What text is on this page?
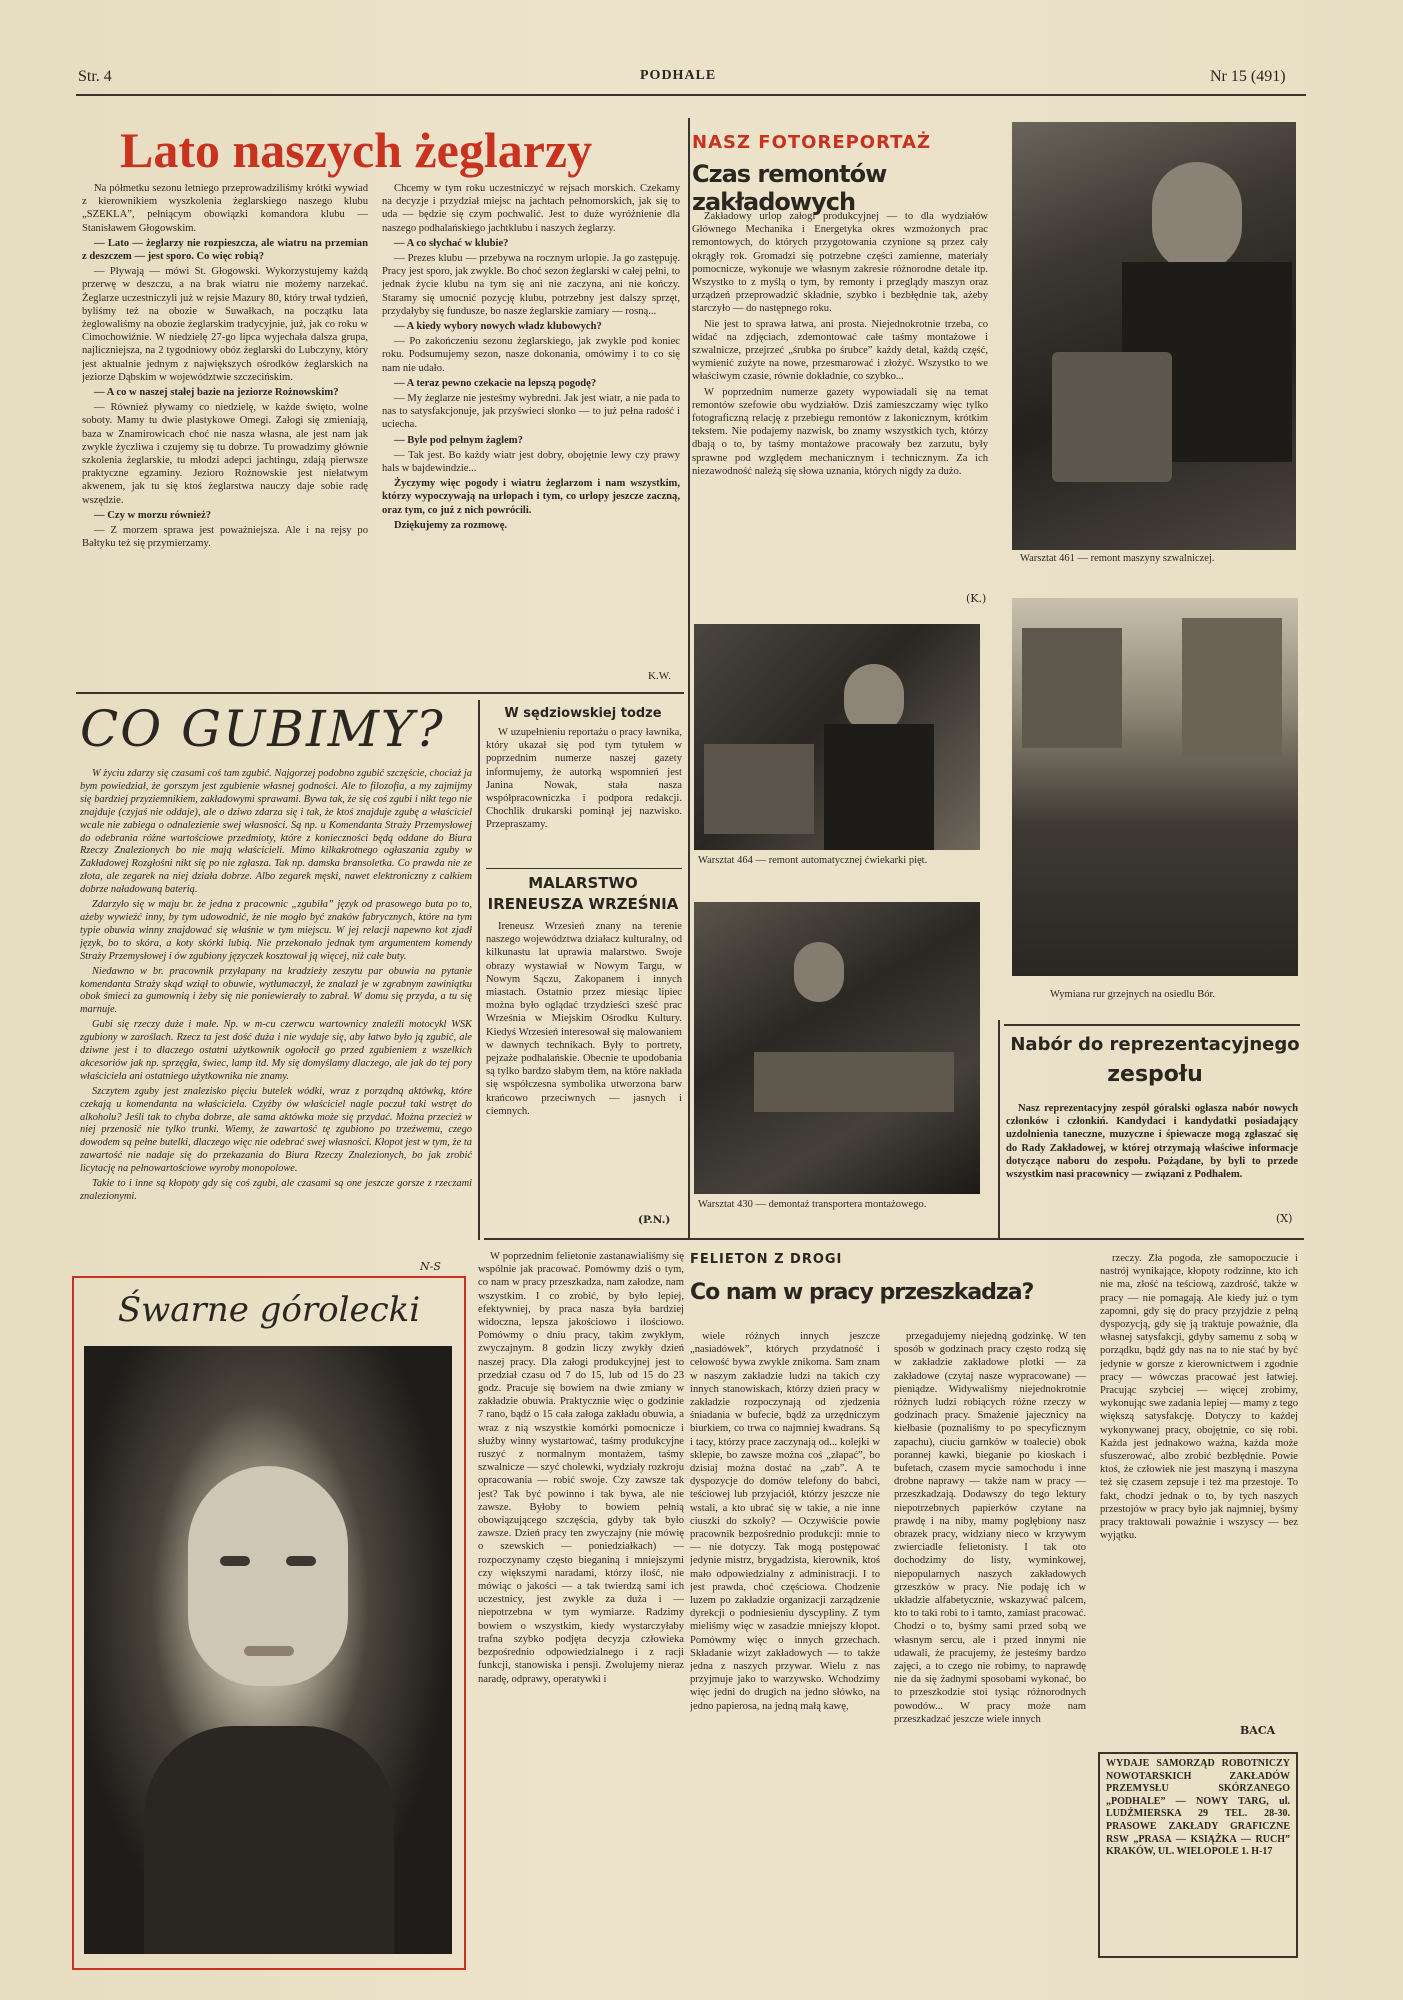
Str. 4	PODHALE	Nr 15 (491)
Lato naszych żeglarzy

Na półmetku sezonu letniego przeprowadziliśmy krótki wywiad z kierownikiem wyszkolenia żeglarskiego naszego klubu „SZEKLA”, pełniącym obowiązki komandora klubu — Stanisławem Głogowskim.

— Lato — żeglarzy nie rozpieszcza, ale wiatru na przemian z deszczem — jest sporo. Co więc robią?

— Pływają — mówi St. Głogowski. Wykorzystujemy każdą przerwę w deszczu, a na brak wiatru nie możemy narzekać. Żeglarze uczestniczyli już w rejsie Mazury 80, który trwał tydzień, byliśmy też na obozie w Suwałkach, na początku lata żeglowaliśmy na obozie żeglarskim tradycyjnie, już, jak co roku w Cimochowiźnie. W niedzielę 27-go lipca wyjechała dalsza grupa, najliczniejsza, na 2 tygodniowy obóz żeglarski do Lubczyny, który jest aktualnie jednym z największych ośrodków żeglarskich na jeziorze Dąbskim w województwie szczecińskim.

— A co w naszej stałej bazie na jeziorze Rożnowskim?

— Również pływamy co niedzielę, w każde święto, wolne soboty. Mamy tu dwie plastykowe Omegi. Załogi się zmieniają, baza w Znamirowicach choć nie nasza własna, ale jest nam jak zwykle życzliwa i czujemy się tu dobrze. Tu prowadzimy głównie szkolenia żeglarskie, tu młodzi adepci jachtingu, zdają pierwsze praktyczne egzaminy. Jezioro Rożnowskie jest niełatwym akwenem, jak tu się ktoś żeglarstwa nauczy daje sobie radę wszędzie.

— Czy w morzu również?

— Z morzem sprawa jest poważniejsza. Ale i na rejsy po Bałtyku też się przymierzamy.

Chcemy w tym roku uczestniczyć w rejsach morskich. Czekamy na decyzje i przydział miejsc na jachtach pełnomorskich, jak się to uda — będzie się czym pochwalić. Jest to duże wyróżnienie dla naszego podhalańskiego jachtklubu i naszych żeglarzy.

— A co słychać w klubie?

— Prezes klubu — przebywa na rocznym urlopie. Ja go zastępuję. Pracy jest sporo, jak zwykle. Bo choć sezon żeglarski w całej pełni, to jednak życie klubu na tym się ani nie zaczyna, ani nie kończy. Staramy się umocnić pozycję klubu, potrzebny jest dalszy sprzęt, przydałyby się fundusze, bo nasze żeglarskie zamiary — rosną...

— A kiedy wybory nowych władz klubowych?

— Po zakończeniu sezonu żeglarskiego, jak zwykle pod koniec roku. Podsumujemy sezon, nasze dokonania, omówimy i to co się nam nie udało.

— A teraz pewno czekacie na lepszą pogodę?

— My żeglarze nie jesteśmy wybredni. Jak jest wiatr, a nie pada to nas to satysfakcjonuje, jak przyświeci słonko — to już pełna radość i uciecha.

— Byle pod pełnym żaglem?

— Tak jest. Bo każdy wiatr jest dobry, obojętnie lewy czy prawy hals w bajdewindzie...

Życzymy więc pogody i wiatru żeglarzom i nam wszystkim, którzy wypoczywają na urlopach i tym, co urlopy jeszcze zaczną, oraz tym, co już z nich powrócili.

Dziękujemy za rozmowę.

K.W.
NASZ FOTOREPORTAŻ
Czas remontów zakładowych

Zakładowy urlop załogi produkcyjnej — to dla wydziałów Głównego Mechanika i Energetyka okres wzmożonych prac remontowych, do których przygotowania czynione są przez cały okrągły rok. Gromadzi się potrzebne części zamienne, materiały pomocnicze, wykonuje we własnym zakresie różnorodne detale itp. Wszystko to z myślą o tym, by remonty i przeglądy maszyn oraz urządzeń przeprowadzić składnie, szybko i bezbłędnie tak, ażeby starczyło — do następnego roku.

Nie jest to sprawa łatwa, ani prosta. Niejednokrotnie trzeba, co widać na zdjęciach, zdemontować całe taśmy montażowe i szwalnicze, przejrzeć „śrubka po śrubce” każdy detal, każdą część, wymienić zużyte na nowe, przesmarować i złożyć. Wszystko to we właściwym czasie, równie dokładnie, co szybko...

W poprzednim numerze gazety wypowiadali się na temat remontów szefowie obu wydziałów. Dziś zamieszczamy więc tylko fotograficzną relację z przebiegu remontów z lakonicznym, krótkim tekstem. Nie podajemy nazwisk, bo znamy wszystkich tych, którzy dbają o to, by taśmy montażowe pracowały bez zarzutu, były sprawne pod względem mechanicznym i technicznym. Za ich niezawodność należą się słowa uznania, których nigdy za dużo.

(K.)
Warsztat 461 — remont maszyny szwalniczej.
Warsztat 464 — remont automatycznej ćwiekarki pięt.
Wymiana rur grzejnych na osiedlu Bór.
Warsztat 430 — demontaż transportera montażowego.
Nabór do reprezentacyjnego
zespołu

Nasz reprezentacyjny zespół góralski ogłasza nabór nowych członków i członkiń. Kandydaci i kandydatki posiadający uzdolnienia taneczne, muzyczne i śpiewacze mogą zgłaszać się do Rady Zakładowej, w której otrzymają właściwe informacje dotyczące naboru do zespołu. Pożądane, by byli to przede wszystkim nasi pracownicy — związani z Podhalem.

(X)
CO GUBIMY?

W życiu zdarzy się czasami coś tam zgubić. Najgorzej podobno zgubić szczęście, chociaż ja bym powiedział, że gorszym jest zgubienie własnej godności. Ale to filozofia, a my zajmijmy się bardziej przyziemnikiem, zakładowymi sprawami. Bywa tak, że się coś zgubi i nikt tego nie znajduje (czyjaś nie oddaje), ale o dziwo zdarza się i tak, że ktoś znajduje zgubę a właściciel wcale nie zabiega o odnalezienie swej własności. Są np. u Komendanta Straży Przemysłowej do odebrania różne wartościowe przedmioty, które z konieczności będą oddane do Biura Rzeczy Znalezionych bo nie mają właścicieli. Mimo kilkakrotnego ogłaszania zguby w Zakładowej Rozgłośni nikt się po nie zgłasza. Tak np. damska bransoletka. Co prawda nie ze złota, ale zegarek na niej działa dobrze. Albo zegarek męski, nawet elektroniczny z całkiem dobrze naładowaną baterią.

Zdarzyło się w maju br. że jedna z pracownic „zgubiła” język od prasowego buta po to, ażeby wywieźć inny, by tym udowodnić, że nie mogło być znaków fabrycznych, które na tym typie obuwia winny znajdować się właśnie w tym miejscu. W jej relacji napewno kot zjadł język, bo to skóra, a koty skórki lubią. Nie przekonało jednak tym argumentem komendy Straży Przemysłowej i ów zgubiony języczek kosztował ją więcej, niż całe buty.

Niedawno w br. pracownik przyłapany na kradzieży zeszytu par obuwia na pytanie komendanta Straży skąd wziął to obuwie, wytłumaczył, że znalazł je w zgrabnym zawiniątku obok śmieci za gumownią i żeby się nie poniewierały to zabrał. W domu się przyda, a tu się marnuje.

Gubi się rzeczy duże i małe. Np. w m-cu czerwcu wartownicy znaleźli motocykl WSK zgubiony w zaroślach. Rzecz ta jest dość duża i nie wydaje się, aby łatwo było ją zgubić, ale dziwne jest i to dlaczego ostatni użytkownik ogołocił go przed zgubieniem z wszelkich akcesoriów jak np. sprzęgła, świec, lamp itd. My się domyślamy dlaczego, ale jak do tej pory właściciela ani ostatniego użytkownika nie znamy.

Szczytem zguby jest znalezisko pięciu butelek wódki, wraz z porządną aktówką, które czekają u komendanta na właściciela. Czyżby ów właściciel nagle poczuł taki wstręt do alkoholu? Jeśli tak to chyba dobrze, ale sama aktówka może się przydać. Można przecież w niej przenosić nie tylko trunki. Wiemy, że zawartość tę zgubiono po trzeźwemu, czego dowodem są pełne butelki, dlaczego więc nie odebrać swej własności. Kłopot jest w tym, że ta zawartość nie nadaje się do przekazania do Biura Rzeczy Znalezionych, bo jak zrobić licytację na pełnowartościowe wyroby monopolowe.

Takie to i inne są kłopoty gdy się coś zgubi, ale czasami są one jeszcze gorsze z rzeczami znalezionymi.

N-S
W sędziowskiej todze

W uzupełnieniu reportażu o pracy ławnika, który ukazał się pod tym tytułem w poprzednim numerze naszej gazety informujemy, że autorką wspomnień jest Janina Nowak, stała nasza współpracowniczka i podpora redakcji. Chochlik drukarski pominął jej nazwisko. Przepraszamy.

MALARSTWO
IRENEUSZA WRZEŚNIA

Ireneusz Wrzesień znany na terenie naszego województwa działacz kulturalny, od kilkunastu lat uprawia malarstwo. Swoje obrazy wystawiał w Nowym Targu, w Nowym Sączu, Zakopanem i innych miastach. Ostatnio przez miesiąc lipiec można było oglądać trzydzieści sześć prac Września w Miejskim Ośrodku Kultury. Kiedyś Wrzesień interesował się malowaniem w dawnych technikach. Były to portrety, pejzaże podhalańskie. Obecnie te upodobania są tylko bardzo słabym tłem, na które nakłada się współczesna symbolika utworzona barw krańcowo przeciwnych — jasnych i ciemnych.

(P.N.)
Śwarne górolecki
FELIETON Z DROGI
Co nam w pracy przeszkadza?

W poprzednim felietonie zastanawialiśmy się wspólnie jak pracować. Pomówmy dziś o tym, co nam w pracy przeszkadza, nam załodze, nam wszystkim. I co zrobić, by było lepiej, efektywniej, by praca nasza była bardziej widoczna, lepsza jakościowo i ilościowo. Pomówmy o dniu pracy, takim zwykłym, zwyczajnym. 8 godzin liczy zwykły dzień naszej pracy. Dla załogi produkcyjnej jest to przedział czasu od 7 do 15, lub od 15 do 23 godz. Pracuje się bowiem na dwie zmiany w zakładzie obuwia. Praktycznie więc o godzinie 7 rano, bądź o 15 cała załoga zakładu obuwia, a wraz z nią wszystkie komórki pomocnicze i służby winny wystartować, taśmy produkcyjne ruszyć z normalnym montażem, taśmy szwalnicze — szyć cholewki, wydziały rozkroju opracowania — robić swoje. Czy zawsze tak jest? Tak być powinno i tak bywa, ale nie zawsze. Byłoby to bowiem pełnią obowiązującego szczęścia, gdyby tak było zawsze. Dzień pracy ten zwyczajny (nie mówię o szewskich — poniedziałkach) — rozpoczynamy często bieganiną i mniejszymi czy większymi naradami, którzy ilość, nie mówiąc o jakości — a tak twierdzą sami ich uczestnicy, jest zwykle za duża i — niepotrzebna w tym wymiarze. Radzimy bowiem o wszystkim, kiedy wystarczyłaby trafna szybko podjęta decyzja człowieka bezpośrednio odpowiedzialnego i z racji funkcji, stanowiska i pensji. Zwolujemy nieraz naradę, odprawy, operatywki i

wiele różnych innych jeszcze „nasiadówek”, których przydatność i celowość bywa zwykle znikoma. Sam znam w naszym zakładzie ludzi na takich czy innych stanowiskach, którzy dzień pracy w zakładzie rozpoczynają od zjedzenia śniadania w bufecie, bądź za urzędniczym biurkiem, co trwa co najmniej kwadrans. Są i tacy, którzy prace zaczynają od... kolejki w sklepie, bo zawsze można coś „złapać”, bo dzisiaj można dostać na „zab”. A te dyspozycje do domów telefony do babci, teściowej lub przyjaciół, którzy jeszcze nie wstali, a kto ubrać się w takie, a nie inne ciuszki do szkoły? — Oczywiście powie pracownik bezpośrednio produkcji: mnie to — nie dotyczy. Tak mogą postępować jedynie mistrz, brygadzista, kierownik, ktoś mało odpowiedzialny z administracji. I to jest prawda, choć częściowa. Chodzenie luzem po zakładzie organizacji zarządzenie dyrekcji o podniesieniu dyscypliny. Z tym mieliśmy więc w zasadzie mniejszy kłopot. Pomówmy więc o innych grzechach. Składanie wizyt zakładowych — to także jedna z naszych przywar. Wielu z nas przyjmuje jako to warzywsko. Wchodzimy więc jedni do drugich na jedno słówko, na jedno papierosa, na jedną małą kawę,

przegadujemy niejedną godzinkę. W ten sposób w godzinach pracy często rodzą się w zakładzie zakładowe plotki — za zakładowe (czytaj nasze wypracowane) — pieniądze. Widywaliśmy niejednokrotnie różnych ludzi robiących różne rzeczy w godzinach pracy. Smażenie jajecznicy na kiełbasie (poznaliśmy to po specyficznym zapachu), ciuciu garnków w toalecie) obok porannej kawki, bieganie po kioskach i bufetach, czasem mycie samochodu i inne drobne naprawy — także nam w pracy — przeszkadzają. Dodawszy do tego lektury niepotrzebnych papierków czytane na prawdę i na niby, mamy pogłębiony nasz obrazek pracy, widziany nieco w krzywym zwierciadle felietonisty. I tak oto dochodzimy do listy, wyminkowej, niepopularnych naszych zakładowych grzeszków w pracy. Nie podaję ich w układzie alfabetycznie, wskazywać palcem, kto to taki robi to i tamto, zamiast pracować. Chodzi o to, byśmy sami przed sobą we własnym sercu, ale i przed innymi nie udawali, że pracujemy, że jesteśmy bardzo zajęci, a to czego nie robimy, to naprawdę nie da się żadnymi sposobami wykonać, bo to przeszkodzie stoi tysiąc różnorodnych powodów... W pracy może nam przeszkadzać jeszcze wiele innych

rzeczy. Zła pogoda, złe samopoczucie i nastrój wynikające, kłopoty rodzinne, kto ich nie ma, złość na teściową, zazdrość, także w pracy — nie pomagają. Ale kiedy już o tym zapomni, gdy się do pracy przyjdzie z pełną dyspozycją, gdy się ją traktuje poważnie, dla własnej satysfakcji, gdyby samemu z sobą w porządku, bądź gdy nas na to nie stać by być jedynie w gorsze z kierownictwem i zgodnie pracy — wówczas pracować jest łatwiej. Pracując szybciej — więcej zrobimy, wykonując swe zadania lepiej — mamy z tego większą satysfakcję. Dotyczy to każdej wykonywanej pracy, obojętnie, co się robi. Każda jest jednakowo ważna, każda może sfuszerować, albo zrobić bezbłędnie. Powie ktoś, że człowiek nie jest maszyną i maszyna też się czasem zepsuje i też ma przestoje. To fakt, chodzi jednak o to, by tych naszych przestojów w pracy było jak najmniej, byśmy pracy traktowali poważnie i wszyscy — bez wyjątku.

BACA
WYDAJE SAMORZĄD ROBOTNICZY NOWOTARSKICH ZAKŁADÓW PRZEMYSŁU SKÓRZANEGO „PODHALE” — NOWY TARG, ul. LUDŹMIERSKA 29 TEL. 28-30. PRASOWE ZAKŁADY GRAFICZNE RSW „PRASA — KSIĄŻKA — RUCH” KRAKÓW, UL. WIELOPOLE 1. H-17
